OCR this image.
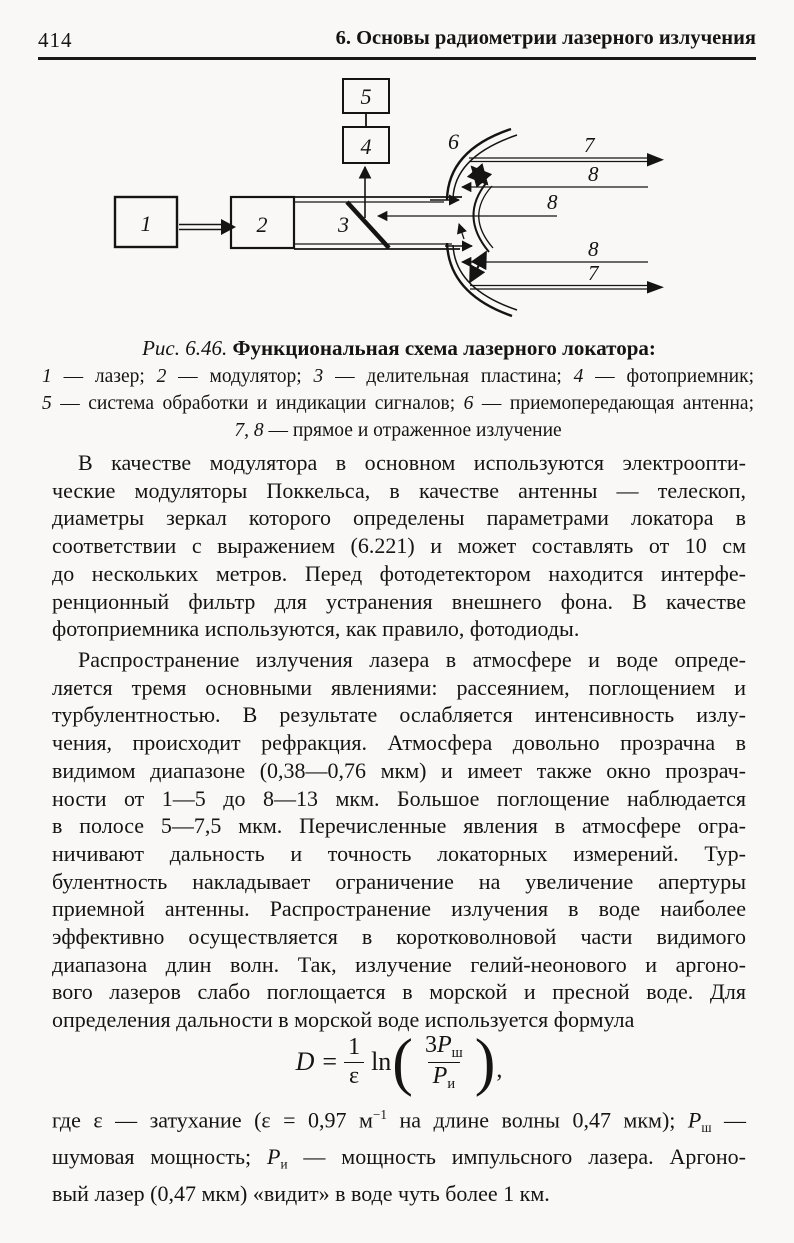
414	6. Основы радиометрии лазерного излучения
5
4
1	2	3
6	7
7
8
8
8
Рис. 6.46. Функциональная схема лазерного локатора:
1 — лазер; 2 — модулятор; 3 — делительная пластина; 4 — фотоприемник;
5 — система обработки и индикации сигналов; 6 — приемопередающая антенна;
7, 8 — прямое и отраженное излучение
В качестве модулятора в основном используются электроопти-
ческие модуляторы Поккельса, в качестве антенны — телескоп,
диаметры зеркал которого определены параметрами локатора в
соответствии с выражением (6.221) и может составлять от 10 см
до нескольких метров. Перед фотодетектором находится интерфе-
ренционный фильтр для устранения внешнего фона. В качестве
фотоприемника используются, как правило, фотодиоды.
Распространение излучения лазера в атмосфере и воде опреде-
ляется тремя основными явлениями: рассеянием, поглощением и
турбулентностью. В результате ослабляется интенсивность излу-
чения, происходит рефракция. Атмосфера довольно прозрачна в
видимом диапазоне (0,38—0,76 мкм) и имеет также окно прозрач-
ности от 1—5 до 8—13 мкм. Большое поглощение наблюдается
в полосе 5—7,5 мкм. Перечисленные явления в атмосфере огра-
ничивают дальность и точность локаторных измерений. Тур-
булентность накладывает ограничение на увеличение апертуры
приемной антенны. Распространение излучения в воде наиболее
эффективно осуществляется в коротковолновой части видимого
диапазона длин волн. Так, излучение гелий-неонового и аргоно-
вого лазеров слабо поглощается в морской и пресной воде. Для
определения дальности в морской воде используется формула
$D = \frac{1}{\varepsilon}$ ln ( $\frac{3P_ш}{P_и}$ ) ,
где ε — затухание (ε = 0,97 $м^{-1}$ на длине волны 0,47 мкм); $Р_ш$ —
шумовая мощность; $Р_и$ — мощность импульсного лазера. Аргоно-
вый лазер (0,47 мкм) «видит» в воде чуть более 1 км.
